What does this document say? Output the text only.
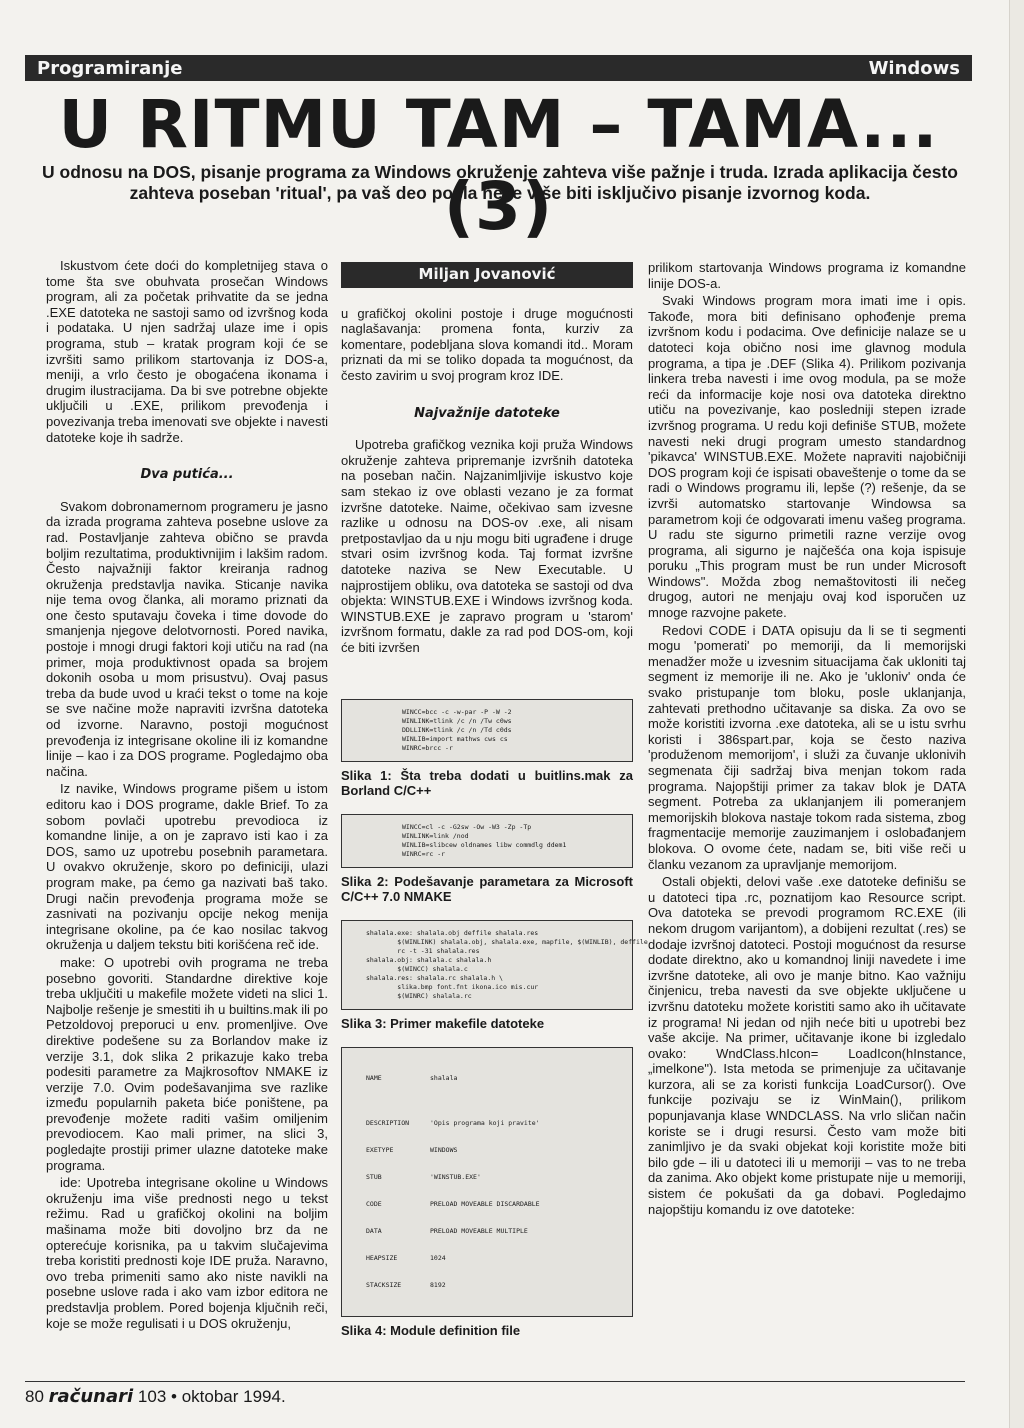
Programiranje	Windows
U RITMU TAM – TAMA... (3)
U odnosu na DOS, pisanje programa za Windows okruženje zahteva više pažnje i truda. Izrada aplikacija često zahteva poseban 'ritual', pa vaš deo posla neće više biti isključivo pisanje izvornog koda.

Iskustvom ćete doći do kompletnijeg stava o tome šta sve obuhvata prosečan Windows program, ali za početak prihvatite da se jedna .EXE datoteka ne sastoji samo od izvršnog koda i podataka. U njen sadržaj ulaze ime i opis programa, stub – kratak program koji će se izvršiti samo prilikom startovanja iz DOS-a, meniji, a vrlo često je obogaćena ikonama i drugim ilustracijama. Da bi sve potrebne objekte uključili u .EXE, prilikom prevođenja i povezivanja treba imenovati sve objekte i navesti datoteke koje ih sadrže.

Dva putića...

Svakom dobronamernom programeru je jasno da izrada programa zahteva posebne uslove za rad. Postavljanje zahteva obično se pravda boljim rezultatima, produktivnijim i lakšim radom. Često najvažniji faktor kreiranja radnog okruženja predstavlja navika. Sticanje navika nije tema ovog članka, ali moramo priznati da one često sputavaju čoveka i time dovode do smanjenja njegove delotvornosti. Pored navika, postoje i mnogi drugi faktori koji utiču na rad (na primer, moja produktivnost opada sa brojem dokonih osoba u mom prisustvu). Ovaj pasus treba da bude uvod u kraći tekst o tome na koje se sve načine može napraviti izvršna datoteka od izvorne. Naravno, postoji mogućnost prevođenja iz integrisane okoline ili iz komandne linije – kao i za DOS programe. Pogledajmo oba načina.

Iz navike, Windows programe pišem u istom editoru kao i DOS programe, dakle Brief. To za sobom povlači upotrebu prevodioca iz komandne linije, a on je zapravo isti kao i za DOS, samo uz upotrebu posebnih parametara. U ovakvo okruženje, skoro po definiciji, ulazi program make, pa ćemo ga nazivati baš tako. Drugi način prevođenja programa može se zasnivati na pozivanju opcije nekog menija integrisane okoline, pa će kao nosilac takvog okruženja u daljem tekstu biti korišćena reč ide.

make: O upotrebi ovih programa ne treba posebno govoriti. Standardne direktive koje treba uključiti u makefile možete videti na slici 1. Najbolje rešenje je smestiti ih u builtins.mak ili po Petzoldovoj preporuci u env. promenljive. Ove direktive podešene su za Borlandov make iz verzije 3.1, dok slika 2 prikazuje kako treba podesiti parametre za Majkrosoftov NMAKE iz verzije 7.0. Ovim podešavanjima sve razlike između popularnih paketa biće poništene, pa prevođenje možete raditi vašim omiljenim prevodiocem. Kao mali primer, na slici 3, pogledajte prostiji primer ulazne datoteke make programa.

ide: Upotreba integrisane okoline u Windows okruženju ima više prednosti nego u tekst režimu. Rad u grafičkoj okolini na boljim mašinama može biti dovoljno brz da ne opterećuje korisnika, pa u takvim slučajevima treba koristiti prednosti koje IDE pruža. Naravno, ovo treba primeniti samo ako niste navikli na posebne uslove rada i ako vam izbor editora ne predstavlja problem. Pored bojenja ključnih reči, koje se može regulisati i u DOS okruženju,

Miljan Jovanović

u grafičkoj okolini postoje i druge mogućnosti naglašavanja: promena fonta, kurziv za komentare, podebljana slova komandi itd.. Moram priznati da mi se toliko dopada ta mogućnost, da često zavirim u svoj program kroz IDE.

Najvažnije datoteke

Upotreba grafičkog veznika koji pruža Windows okruženje zahteva pripremanje izvršnih datoteka na poseban način. Najzanimljivije iskustvo koje sam stekao iz ove oblasti vezano je za format izvršne datoteke. Naime, očekivao sam izvesne razlike u odnosu na DOS-ov .exe, ali nisam pretpostavljao da u nju mogu biti ugrađene i druge stvari osim izvršnog koda. Taj format izvršne datoteke naziva se New Executable. U najprostijem obliku, ova datoteka se sastoji od dva objekta: WINSTUB.EXE i Windows izvršnog koda. WINSTUB.EXE je zapravo program u 'starom' izvršnom formatu, dakle za rad pod DOS-om, koji će biti izvršen

WINCC=bcc -c -w-par -P -W -2
WINLINK=tlink /c /n /Tw c0ws
DDLLINK=tlink /c /n /Td c0ds
WINLIB=import mathws cws cs
WINRC=brcc -r
Slika 1: Šta treba dodati u buitlins.mak za Borland C/C++
WINCC=cl -c -G2sw -Ow -W3 -Zp -Tp
WINLINK=link /nod
WINLIB=slibcew oldnames libw commdlg ddem1
WINRC=rc -r
Slika 2: Podešavanje parametara za Microsoft C/C++ 7.0 NMAKE
shalala.exe: shalala.obj deffile shalala.res
$(WINLINK) shalala.obj, shalala.exe, mapfile, $(WINLIB), deffile
rc -t -31 shalala.res
shalala.obj: shalala.c shalala.h
$(WINCC) shalala.c
shalala.res: shalala.rc shalala.h \
slika.bmp font.fnt ikona.ico mis.cur
$(WINRC) shalala.rc
Slika 3: Primer makefile datoteke

NAME	shalala

DESCRIPTION	'Opis programa koji pravite'

EXETYPE	WINDOWS

STUB	'WINSTUB.EXE'

CODE	PRELOAD MOVEABLE DISCARDABLE

DATA	PRELOAD MOVEABLE MULTIPLE

HEAPSIZE	1024

STACKSIZE	8192

Slika 4: Module definition file

prilikom startovanja Windows programa iz komandne linije DOS-a.

Svaki Windows program mora imati ime i opis. Takođe, mora biti definisano ophođenje prema izvršnom kodu i podacima. Ove definicije nalaze se u datoteci koja obično nosi ime glavnog modula programa, a tipa je .DEF (Slika 4). Prilikom pozivanja linkera treba navesti i ime ovog modula, pa se može reći da informacije koje nosi ova datoteka direktno utiču na povezivanje, kao posledniji stepen izrade izvršnog programa. U redu koji definiše STUB, možete navesti neki drugi program umesto standardnog 'pikavca' WINSTUB.EXE. Možete napraviti najobičniji DOS program koji će ispisati obaveštenje o tome da se radi o Windows programu ili, lepše (?) rešenje, da se izvrši automatsko startovanje Windowsa sa parametrom koji će odgovarati imenu vašeg programa. U radu ste sigurno primetili razne verzije ovog programa, ali sigurno je najčešća ona koja ispisuje poruku „This program must be run under Microsoft Windows". Možda zbog nemaštovitosti ili nečeg drugog, autori ne menjaju ovaj kod isporučen uz mnoge razvojne pakete.

Redovi CODE i DATA opisuju da li se ti segmenti mogu 'pomerati' po memoriji, da li memorijski menadžer može u izvesnim situacijama čak ukloniti taj segment iz memorije ili ne. Ako je 'ukloniv' onda će svako pristupanje tom bloku, posle uklanjanja, zahtevati prethodno učitavanje sa diska. Za ovo se može koristiti izvorna .exe datoteka, ali se u istu svrhu koristi i 386spart.par, koja se često naziva 'produženom memorijom', i služi za čuvanje uklonivih segmenata čiji sadržaj biva menjan tokom rada programa. Najopštiji primer za takav blok je DATA segment. Potreba za uklanjanjem ili pomeranjem memorijskih blokova nastaje tokom rada sistema, zbog fragmentacije memorije zauzimanjem i oslobađanjem blokova. O ovome ćete, nadam se, biti više reči u članku vezanom za upravljanje memorijom.

Ostali objekti, delovi vaše .exe datoteke definišu se u datoteci tipa .rc, poznatijom kao Resource script. Ova datoteka se prevodi programom RC.EXE (ili nekom drugom varijantom), a dobijeni rezultat (.res) se dodaje izvršnoj datoteci. Postoji mogućnost da resurse dodate direktno, ako u komandnoj liniji navedete i ime izvršne datoteke, ali ovo je manje bitno. Kao važniju činjenicu, treba navesti da sve objekte uključene u izvršnu datoteku možete koristiti samo ako ih učitavate iz programa! Ni jedan od njih neće biti u upotrebi bez vaše akcije. Na primer, učitavanje ikone bi izgledalo ovako: WndClass.hIcon= LoadIcon(hInstance, „imelkone"). Ista metoda se primenjuje za učitavanje kurzora, ali se za koristi funkcija LoadCursor(). Ove funkcije pozivaju se iz WinMain(), prilikom popunjavanja klase WNDCLASS. Na vrlo sličan način koriste se i drugi resursi. Često vam može biti zanimljivo je da svaki objekat koji koristite može biti bilo gde – ili u datoteci ili u memoriji – vas to ne treba da zanima. Ako objekt kome pristupate nije u memoriji, sistem će pokušati da ga dobavi. Pogledajmo najopštiju komandu iz ove datoteke:

80 računari 103 • oktobar 1994.
